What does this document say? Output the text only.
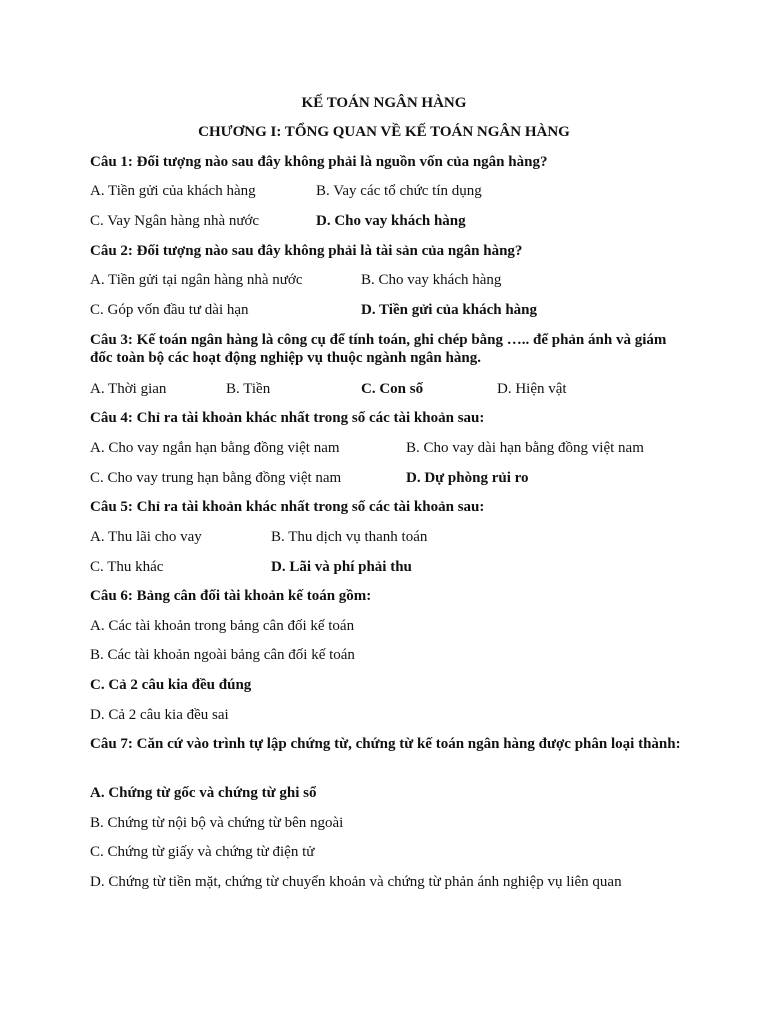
KẾ TOÁN NGÂN HÀNG
CHƯƠNG I: TỔNG QUAN VỀ KẾ TOÁN NGÂN HÀNG
Câu 1: Đối tượng nào sau đây không phải là nguồn vốn của ngân hàng?
A. Tiền gửi của khách hàng	B. Vay các tổ chức tín dụng
C. Vay Ngân hàng nhà nước	D. Cho vay khách hàng
Câu 2: Đối tượng nào sau đây không phải là tài sản của ngân hàng?
A. Tiền gửi tại ngân hàng nhà nước	B. Cho vay khách hàng
C. Góp vốn đầu tư dài hạn	D. Tiền gửi của khách hàng
Câu 3: Kế toán ngân hàng là công cụ để tính toán, ghi chép bằng ….. để phản ánh và giám đốc toàn bộ các hoạt động nghiệp vụ thuộc ngành ngân hàng.
A. Thời gian	B. Tiền	C. Con số	D. Hiện vật
Câu 4: Chỉ ra tài khoản khác nhất trong số các tài khoản sau:
A. Cho vay ngắn hạn bằng đồng việt nam	B. Cho vay dài hạn bằng đồng việt nam
C. Cho vay trung hạn bằng đồng việt nam	D. Dự phòng rủi ro
Câu 5: Chỉ ra tài khoản khác nhất trong số các tài khoản sau:
A. Thu lãi cho vay	B. Thu dịch vụ thanh toán
C. Thu khác	D. Lãi và phí phải thu
Câu 6: Bảng cân đối tài khoản kế toán gồm:
A. Các tài khoản trong bảng cân đối kế toán
B. Các tài khoản ngoài bảng cân đối kế toán
C. Cả 2 câu kia đều đúng
D. Cả 2 câu kia đều sai
Câu 7: Căn cứ vào trình tự lập chứng từ, chứng từ kế toán ngân hàng được phân loại thành:
A. Chứng từ gốc và chứng từ ghi sổ
B. Chứng từ nội bộ và chứng từ bên ngoài
C. Chứng từ giấy và chứng từ điện tử
D. Chứng từ tiền mặt, chứng từ chuyển khoản và chứng từ phản ánh nghiệp vụ liên quan
